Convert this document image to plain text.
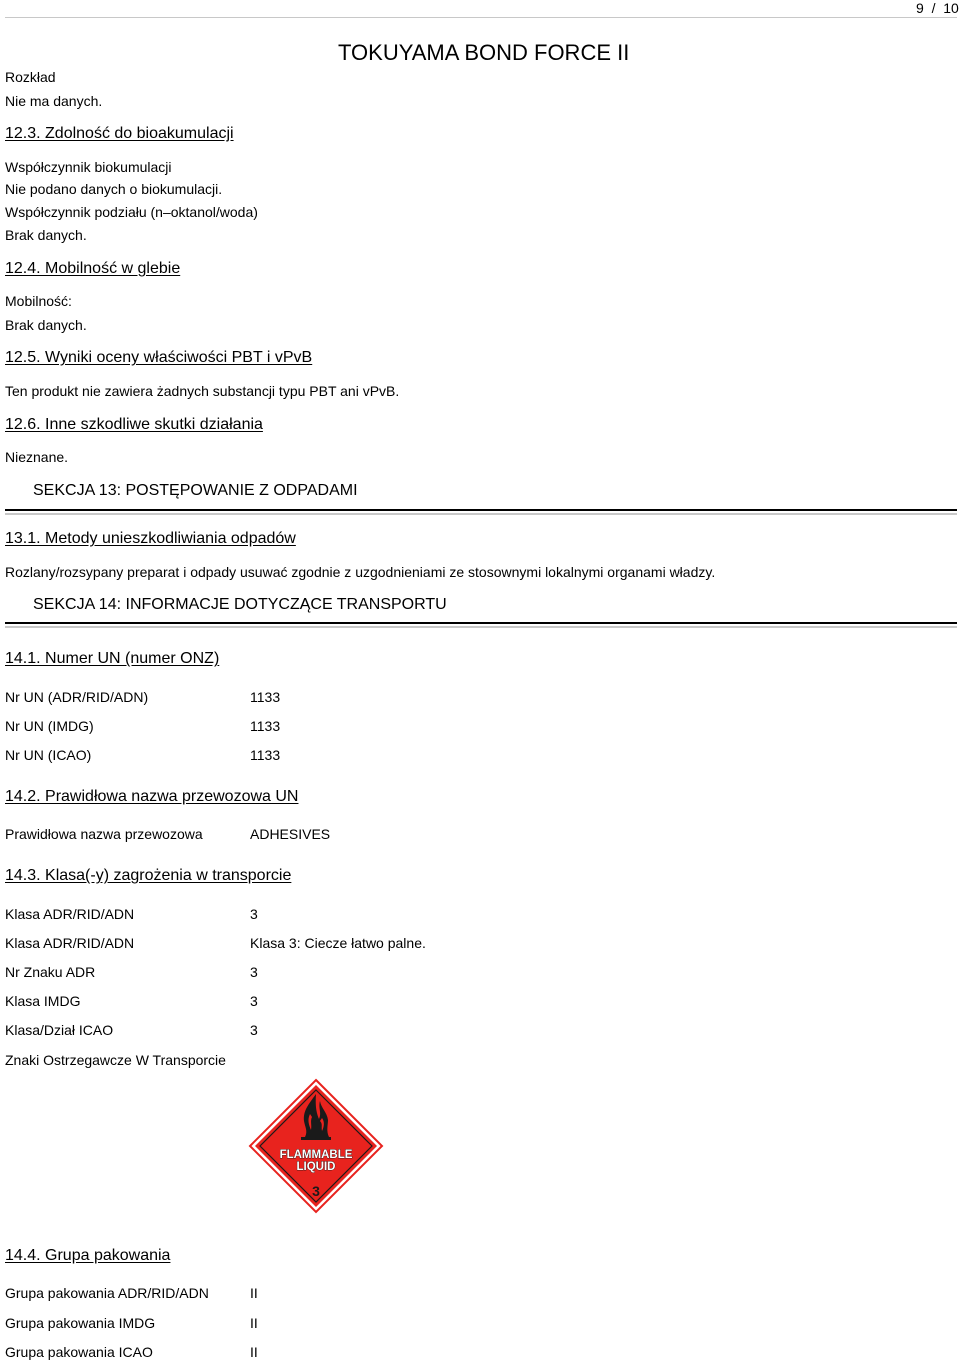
9 / 10
TOKUYAMA BOND FORCE II
Rozkład
Nie ma danych.
12.3. Zdolność do bioakumulacji
Współczynnik biokumulacji
Nie podano danych o biokumulacji.
Współczynnik podziału (n–oktanol/woda)
Brak danych.
12.4. Mobilność w glebie
Mobilność:
Brak danych.
12.5. Wyniki oceny właściwości PBT i vPvB
Ten produkt nie zawiera żadnych substancji typu PBT ani vPvB.
12.6. Inne szkodliwe skutki działania
Nieznane.
SEKCJA 13: POSTĘPOWANIE Z ODPADAMI
13.1. Metody unieszkodliwiania odpadów
Rozlany/rozsypany preparat i odpady usuwać zgodnie z uzgodnieniami ze stosownymi lokalnymi organami władzy.
SEKCJA 14: INFORMACJE DOTYCZĄCE TRANSPORTU
14.1. Numer UN (numer ONZ)
Nr UN (ADR/RID/ADN)	1133
Nr UN (IMDG)	1133
Nr UN (ICAO)	1133
14.2. Prawidłowa nazwa przewozowa UN
Prawidłowa nazwa przewozowa	ADHESIVES
14.3. Klasa(-y) zagrożenia w transporcie
Klasa ADR/RID/ADN	3
Klasa ADR/RID/ADN	Klasa 3: Ciecze łatwo palne.
Nr Znaku ADR	3
Klasa IMDG	3
Klasa/Dział ICAO	3
Znaki Ostrzegawcze W Transporcie
FLAMMABLE
LIQUID
3
14.4. Grupa pakowania
Grupa pakowania ADR/RID/ADN	II
Grupa pakowania IMDG	II
Grupa pakowania ICAO	II
